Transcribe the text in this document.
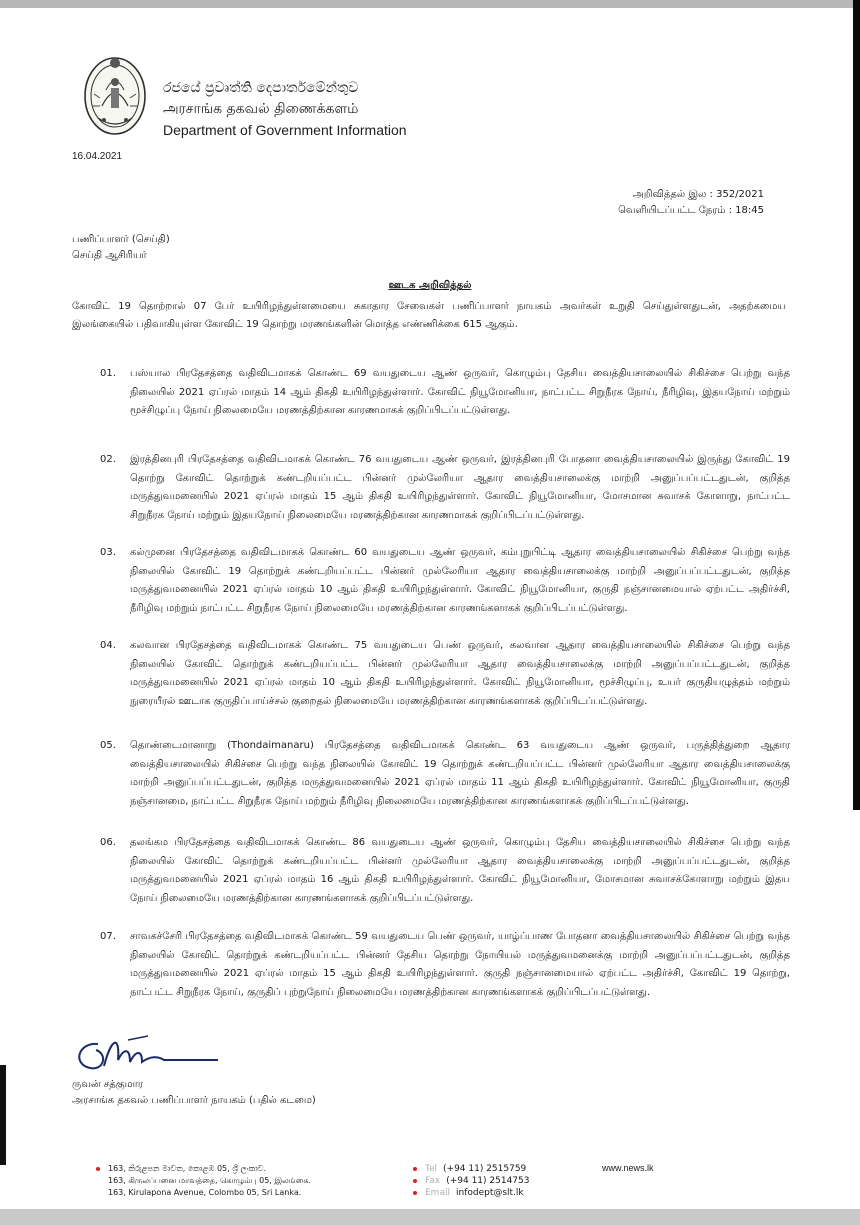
රජයේ ප්‍රවෘත්ති දෙපාර්තමේන්තුව
அரசாங்க தகவல் திணைக்களம்
Department of Government Information
16.04.2021
அறிவித்தல் இல : 352/2021
வெளியிடப்பட்ட நேரம் : 18:45
பணிப்பாளர் (செய்தி)
செய்தி ஆசிரியர்
ஊடக அறிவித்தல்
கோவிட் 19 தொற்றால் 07 பேர் உயிரிழந்துள்ளமையை சுகாதார சேவைகள் பணிப்பாளர் நாயகம் அவர்கள் உறுதி செய்துள்ளதுடன், அதற்கமைய இலங்கையில் பதிவாகியுள்ள கோவிட் 19 தொற்று மரணங்களின் மொத்த எண்ணிக்கை 615 ஆகும்.
01. பஸ்யால பிரதேசத்தை வதிவிடமாகக் கொண்ட 69 வயதுடைய ஆண் ஒருவர், கொழும்பு தேசிய வைத்தியசாலையில் சிகிச்சை பெற்று வந்த நிலையில் 2021 ஏப்ரல் மாதம் 14 ஆம் திகதி உயிரிழந்துள்ளார். கோவிட் நியூமோனியா, நாட்பட்ட சிறுநீரக நோய், நீரிழிவு, இதயநோய் மற்றும் மூச்சிழுப்பு நோய் நிலைமையே மரணத்திற்கான காரணமாகக் குறிப்பிடப்பட்டுள்ளது.
02. இரத்தினபுரி பிரதேசத்தை வதிவிடமாகக் கொண்ட 76 வயதுடைய ஆண் ஒருவர், இரத்தினபுரி போதனா வைத்தியசாலையில் இருந்து கோவிட் 19 தொற்று கோவிட் தொற்றுக் கண்டறியப்பட்ட பின்னர் முல்லேரியா ஆதார வைத்தியசாலைக்கு மாற்றி அனுப்பப்பட்டதுடன், குறித்த மருத்துவமனையில் 2021 ஏப்ரல் மாதம் 15 ஆம் திகதி உயிரிழந்துள்ளார். கோவிட் நியூமோனியா, மோசமான சுவாசக் கோளாறு, நாட்பட்ட சிறுநீரக நோய் மற்றும் இதயநோய் நிலைமையே மரணத்திற்கான காரணமாகக் குறிப்பிடப்பட்டுள்ளது.
03. கல்முனை பிரதேசத்தை வதிவிடமாகக் கொண்ட 60 வயதுடைய ஆண் ஒருவர், கம்புறுபிட்டி ஆதார வைத்தியசாலையில் சிகிச்சை பெற்று வந்த நிலையில் கோவிட் 19 தொற்றுக் கண்டறியப்பட்ட பின்னர் முல்லேரியா ஆதார வைத்தியசாலைக்கு மாற்றி அனுப்பப்பட்டதுடன், குறித்த மருத்துவமனையில் 2021 ஏப்ரல் மாதம் 10 ஆம் திகதி உயிரிழந்துள்ளார். கோவிட் நியூமோனியா, குருதி நஞ்சானமையால் ஏற்பட்ட அதிர்ச்சி, நீரிழிவு மற்றும் நாட்பட்ட சிறுநீரக நோய் நிலைமையே மரணத்திற்கான காரணங்களாகக் குறிப்பிடப்பட்டுள்ளது.
04. கலவான பிரதேசத்தை வதிவிடமாகக் கொண்ட 75 வயதுடைய பெண் ஒருவர், கலவான ஆதார வைத்தியசாலையில் சிகிச்சை பெற்று வந்த நிலையில் கோவிட் தொற்றுக் கண்டறியப்பட்ட பின்னர் முல்லேரியா ஆதார வைத்தியசாலைக்கு மாற்றி அனுப்பப்பட்டதுடன், குறித்த மருத்துவமனையில் 2021 ஏப்ரல் மாதம் 10 ஆம் திகதி உயிரிழந்துள்ளார். கோவிட் நியூமோனியா, மூச்சிழுப்பு, உயர் குருதியழுத்தம் மற்றும் நுரையீரல் ஊடாக குருதிப்பாய்ச்சல் குறைதல் நிலைமையே மரணத்திற்கான காரணங்களாகக் குறிப்பிடப்பட்டுள்ளது.
05. தொண்டைமானாறு (Thondaimanaru) பிரதேசத்தை வதிவிடமாகக் கொண்ட 63 வயதுடைய ஆண் ஒருவர், பருத்தித்துறை ஆதார வைத்தியசாலையில் சிகிச்சை பெற்று வந்த நிலையில் கோவிட் 19 தொற்றுக் கண்டறியப்பட்ட பின்னர் முல்லேரியா ஆதார வைத்தியசாலைக்கு மாற்றி அனுப்பப்பட்டதுடன், குறித்த மருத்துவமனையில் 2021 ஏப்ரல் மாதம் 11 ஆம் திகதி உயிரிழந்துள்ளார். கோவிட் நியூமோனியா, குருதி நஞ்சானமை, நாட்பட்ட சிறுநீரக நோய் மற்றும் நீரிழிவு நிலைமையே மரணத்திற்கான காரணங்களாகக் குறிப்பிடப்பட்டுள்ளது.
06. தலங்கம பிரதேசத்தை வதிவிடமாகக் கொண்ட 86 வயதுடைய ஆண் ஒருவர், கொழும்பு தேசிய வைத்தியசாலையில் சிகிச்சை பெற்று வந்த நிலையில் கோவிட் தொற்றுக் கண்டறியப்பட்ட பின்னர் முல்லேரியா ஆதார வைத்தியசாலைக்கு மாற்றி அனுப்பப்பட்டதுடன், குறித்த மருத்துவமனையில் 2021 ஏப்ரல் மாதம் 16 ஆம் திகதி உயிரிழந்துள்ளார். கோவிட் நியூமோனியா, மோசமான சுவாசக்கோளாறு மற்றும் இதய நோய் நிலைமையே மரணத்திற்கான காரணங்களாகக் குறிப்பிடப்பட்டுள்ளது.
07. சாவகச்சேரி பிரதேசத்தை வதிவிடமாகக் கொண்ட 59 வயதுடைய பெண் ஒருவர், யாழ்ப்பாண போதனா வைத்தியசாலையில் சிகிச்சை பெற்று வந்த நிலையில் கோவிட் தொற்றுக் கண்டறியப்பட்ட பின்னர் தேசிய தொற்று நோயியல் மருத்துவமனைக்கு மாற்றி அனுப்பப்பட்டதுடன், குறித்த மருத்துவமனையில் 2021 ஏப்ரல் மாதம் 15 ஆம் திகதி உயிரிழந்துள்ளார். குருதி நஞ்சானமையால் ஏற்பட்ட அதிர்ச்சி, கோவிட் 19 தொற்று, நாட்பட்ட சிறுநீரக நோய், குருதிப் புற்றுநோய் நிலைமையே மரணத்திற்கான காரணங்களாகக் குறிப்பிடப்பட்டுள்ளது.
ருவன் சத்குமார
அரசாங்க தகவல் பணிப்பாளர் நாயகம் (பதில் கடமை)
163, කිරුළපන මාවත, කොළඹ 05, ශ්‍රී ලංකාව.
163, கிருலப்பனை மாவத்தை, கொழும்பு 05, இலங்கை.
163, Kirulapona Avenue, Colombo 05, Sri Lanka.
Tel (+94 11) 2515759
Fax (+94 11) 2514753
Email infodept@slt.lk
www.news.lk
